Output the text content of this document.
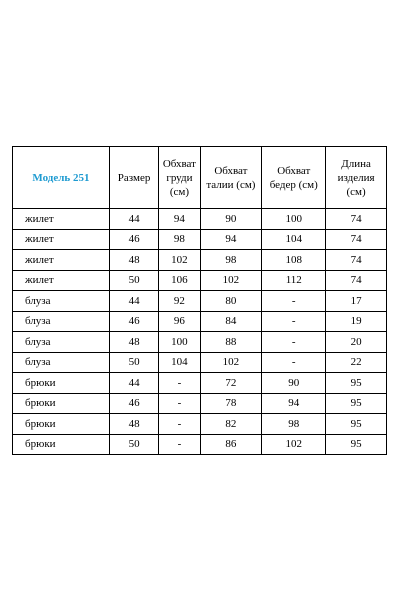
Модель 251	Размер	Обхват груди (см)	Обхват талии (см)	Обхват бедер (см)	Длина изделия (см)
жилет	44	94	90	100	74
жилет	46	98	94	104	74
жилет	48	102	98	108	74
жилет	50	106	102	112	74
блуза	44	92	80	-	17
блуза	46	96	84	-	19
блуза	48	100	88	-	20
блуза	50	104	102	-	22
брюки	44	-	72	90	95
брюки	46	-	78	94	95
брюки	48	-	82	98	95
брюки	50	-	86	102	95
